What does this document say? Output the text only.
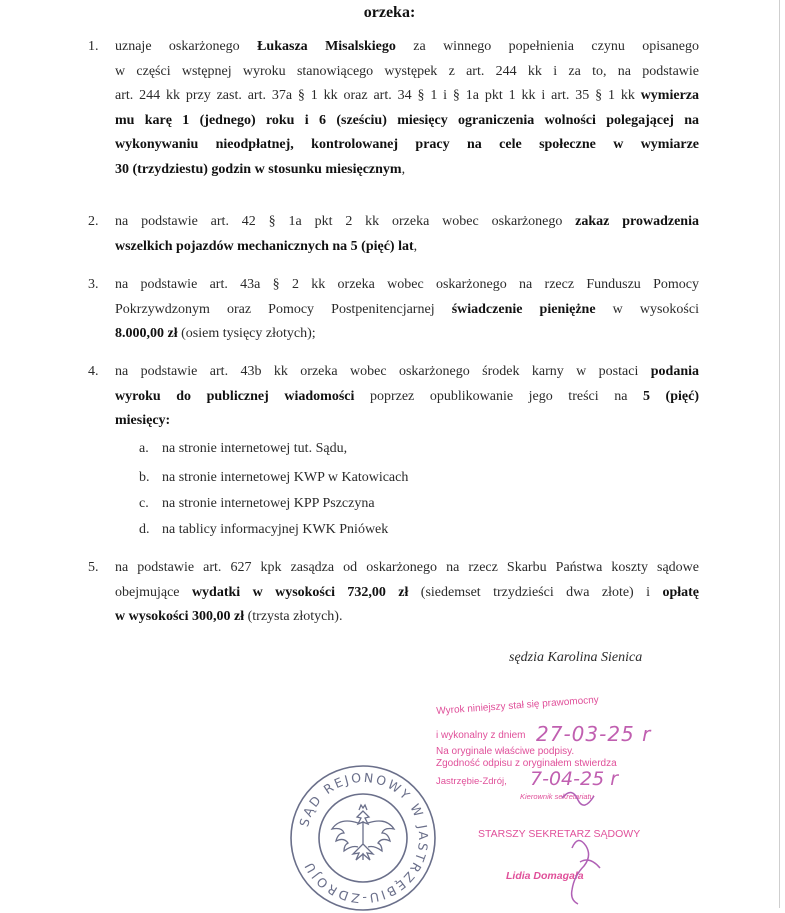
orzeka:
1. uznaje oskarżonego Łukasza Misalskiego za winnego popełnienia czynu opisanego
w części wstępnej wyroku stanowiącego występek z art. 244 kk i za to, na podstawie
art. 244 kk przy zast. art. 37a § 1 kk oraz art. 34 § 1 i § 1a pkt 1 kk i art. 35 § 1 kk wymierza
mu karę 1 (jednego) roku i 6 (sześciu) miesięcy ograniczenia wolności polegającej na
wykonywaniu nieodpłatnej, kontrolowanej pracy na cele społeczne w wymiarze
30 (trzydziestu) godzin w stosunku miesięcznym,
2. na podstawie art. 42 § 1a pkt 2 kk orzeka wobec oskarżonego zakaz prowadzenia
wszelkich pojazdów mechanicznych na 5 (pięć) lat,
3. na podstawie art. 43a § 2 kk orzeka wobec oskarżonego na rzecz Funduszu Pomocy
Pokrzywdzonym oraz Pomocy Postpenitencjarnej świadczenie pieniężne w wysokości
8.000,00 zł (osiem tysięcy złotych);
4. na podstawie art. 43b kk orzeka wobec oskarżonego środek karny w postaci podania
wyroku do publicznej wiadomości poprzez opublikowanie jego treści na 5 (pięć)
miesięcy:
a. na stronie internetowej tut. Sądu,
b. na stronie internetowej KWP w Katowicach
c. na stronie internetowej KPP Pszczyna
d. na tablicy informacyjnej KWK Pniówek
5. na podstawie art. 627 kpk zasądza od oskarżonego na rzecz Skarbu Państwa koszty sądowe
obejmujące wydatki w wysokości 732,00 zł (siedemset trzydzieści dwa złote) i opłatę
w wysokości 300,00 zł (trzysta złotych).
sędzia Karolina Sienica
SĄD REJONOWY W JASTRZĘBIU-ZDROJU
Wyrok niniejszy stał się prawomocny
i wykonalny z dniem 27-03-25 r
Na oryginale właściwe podpisy.
Zgodność odpisu z oryginałem stwierdza
Jastrzębie-Zdrój, 7-04-25 r
Kierownik sekretariatu
STARSZY SEKRETARZ SĄDOWY
Lidia Domagała
